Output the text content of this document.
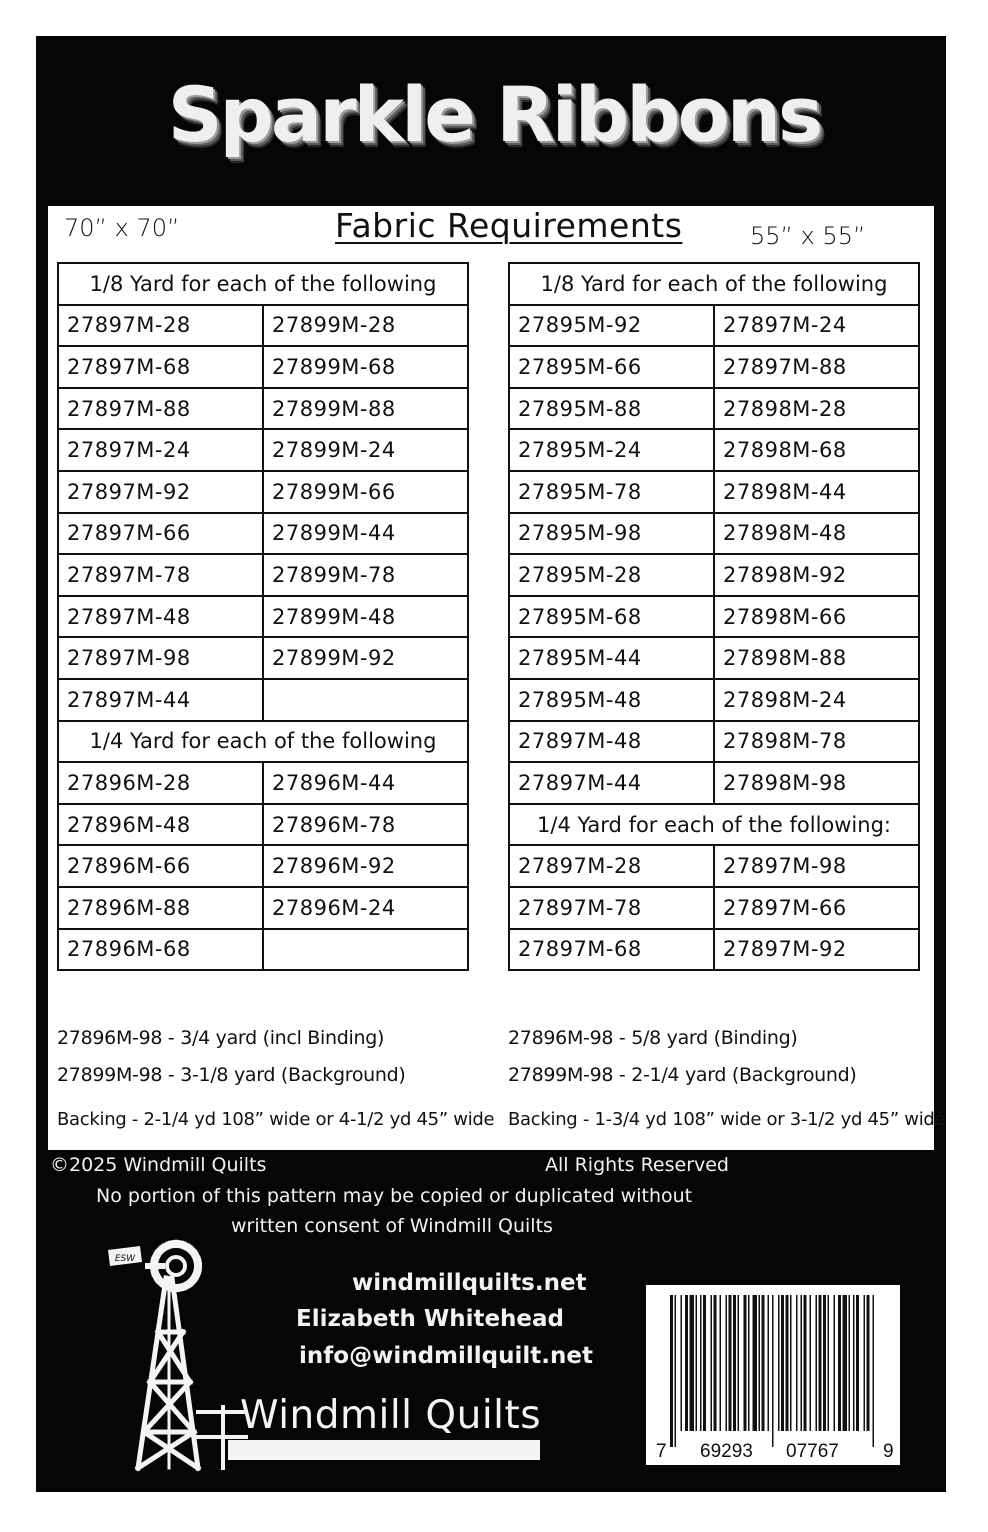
Sparkle Ribbons
70” x 70”	Fabric Requirements	55” x 55”
1/8 Yard for each of the following	
27897M-28	27899M-28
27897M-68	27899M-68
27897M-88	27899M-88
27897M-24	27899M-24
27897M-92	27899M-66
27897M-66	27899M-44
27897M-78	27899M-78
27897M-48	27899M-48
27897M-98	27899M-92
27897M-44	
1/4 Yard for each of the following	
27896M-28	27896M-44
27896M-48	27896M-78
27896M-66	27896M-92
27896M-88	27896M-24
27896M-68	
1/8 Yard for each of the following	
27895M-92	27897M-24
27895M-66	27897M-88
27895M-88	27898M-28
27895M-24	27898M-68
27895M-78	27898M-44
27895M-98	27898M-48
27895M-28	27898M-92
27895M-68	27898M-66
27895M-44	27898M-88
27895M-48	27898M-24
27897M-48	27898M-78
27897M-44	27898M-98
1/4 Yard for each of the following:	
27897M-28	27897M-98
27897M-78	27897M-66
27897M-68	27897M-92
27896M-98 - 3/4 yard (incl Binding)
27899M-98 - 3-1/8 yard (Background)
Backing - 2-1/4 yd 108” wide or 4-1/2 yd 45” wide
27896M-98 - 5/8 yard (Binding)
27899M-98 - 2-1/4 yard (Background)
Backing - 1-3/4 yd 108” wide or 3-1/2 yd 45” wide
©2025 Windmill Quilts	All Rights Reserved
No portion of this pattern may be copied or duplicated without
written consent of Windmill Quilts
windmillquilts.net
Elizabeth Whitehead
info@windmillquilt.net
ESW
Windmill Quilts
7 69293 07767 9
